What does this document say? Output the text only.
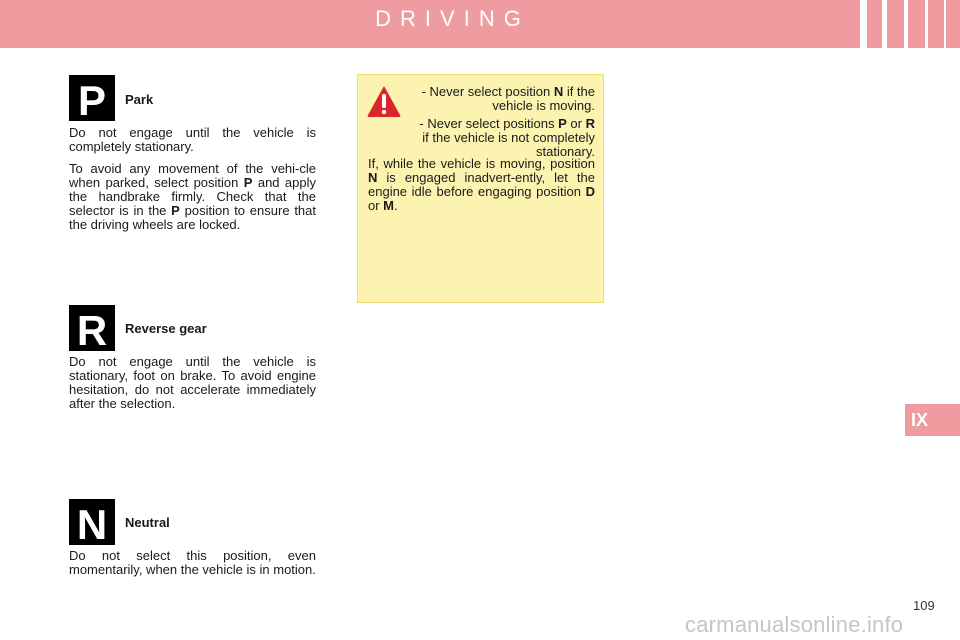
DRIVING
IX
P Park

Do not engage until the vehicle is completely stationary.

To avoid any movement of the vehi-cle when parked, select position P and apply the handbrake firmly. Check that the selector is in the P position to ensure that the driving wheels are locked.

R Reverse gear

Do not engage until the vehicle is stationary, foot on brake. To avoid engine hesitation, do not accelerate immediately after the selection.

N Neutral

Do not select this position, even momentarily, when the vehicle is in motion.

- Never select position N if the vehicle is moving.
- Never select positions P or R if the vehicle is not completely stationary.
If, while the vehicle is moving, position N is engaged inadvert-ently, let the engine idle before engaging position D or M.
109
carmanualsonline.info
